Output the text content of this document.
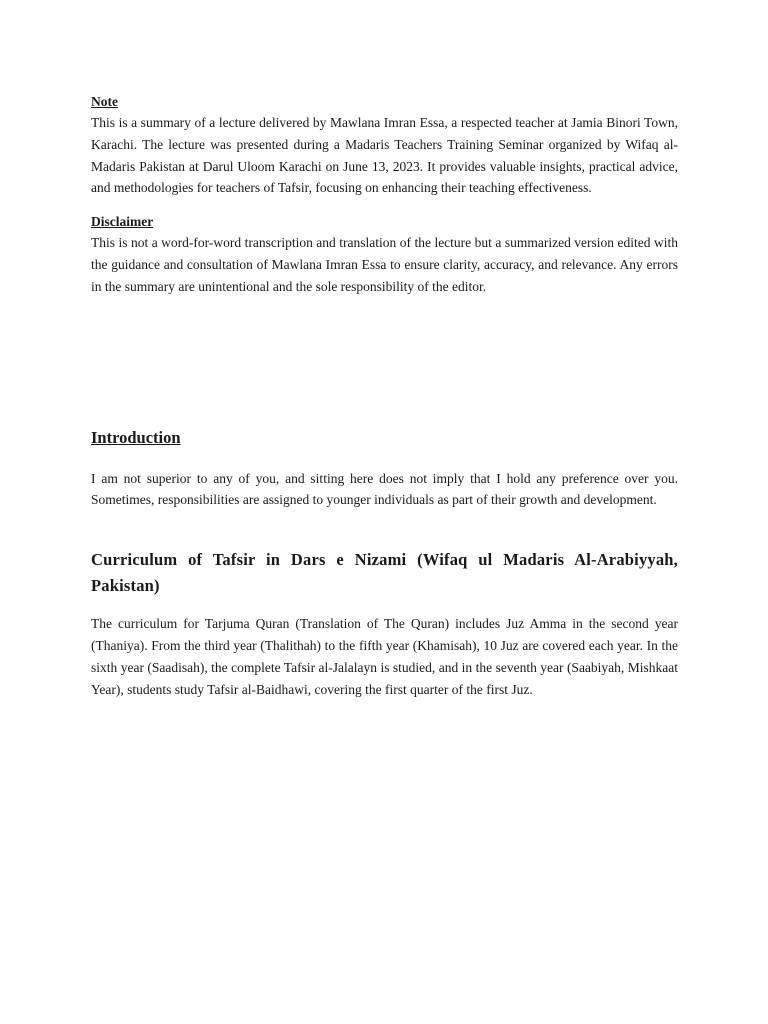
Note

This is a summary of a lecture delivered by Mawlana Imran Essa, a respected teacher at Jamia Binori Town, Karachi. The lecture was presented during a Madaris Teachers Training Seminar organized by Wifaq al-Madaris Pakistan at Darul Uloom Karachi on June 13, 2023. It provides valuable insights, practical advice, and methodologies for teachers of Tafsir, focusing on enhancing their teaching effectiveness.

Disclaimer

This is not a word-for-word transcription and translation of the lecture but a summarized version edited with the guidance and consultation of Mawlana Imran Essa to ensure clarity, accuracy, and relevance. Any errors in the summary are unintentional and the sole responsibility of the editor.

Introduction

I am not superior to any of you, and sitting here does not imply that I hold any preference over you. Sometimes, responsibilities are assigned to younger individuals as part of their growth and development.

Curriculum of Tafsir in Dars e Nizami (Wifaq ul Madaris Al-Arabiyyah, Pakistan)

The curriculum for Tarjuma Quran (Translation of The Quran) includes Juz Amma in the second year (Thaniya). From the third year (Thalithah) to the fifth year (Khamisah), 10 Juz are covered each year. In the sixth year (Saadisah), the complete Tafsir al-Jalalayn is studied, and in the seventh year (Saabiyah, Mishkaat Year), students study Tafsir al-Baidhawi, covering the first quarter of the first Juz.
